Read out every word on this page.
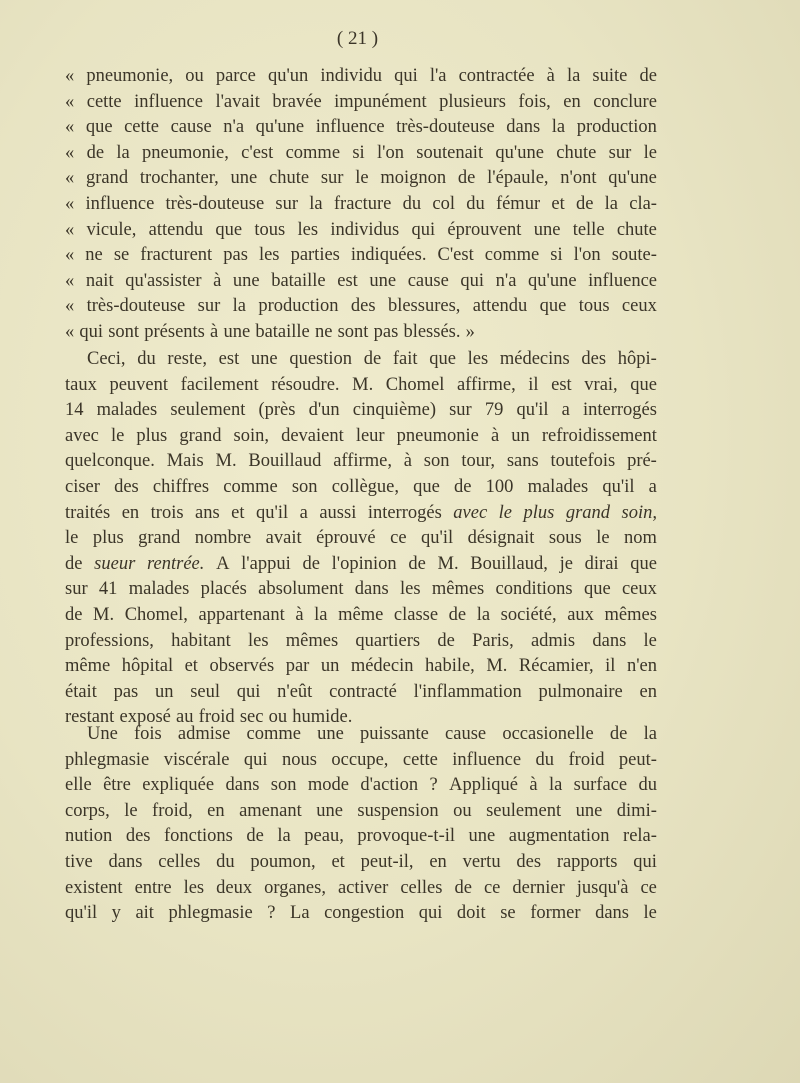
( 21 )
« pneumonie, ou parce qu'un individu qui l'a contractée à la suite de
« cette influence l'avait bravée impunément plusieurs fois, en conclure
« que cette cause n'a qu'une influence très-douteuse dans la production
« de la pneumonie, c'est comme si l'on soutenait qu'une chute sur le
« grand trochanter, une chute sur le moignon de l'épaule, n'ont qu'une
« influence très-douteuse sur la fracture du col du fémur et de la cla-
« vicule, attendu que tous les individus qui éprouvent une telle chute
« ne se fracturent pas les parties indiquées. C'est comme si l'on soute-
« nait qu'assister à une bataille est une cause qui n'a qu'une influence
« très-douteuse sur la production des blessures, attendu que tous ceux
« qui sont présents à une bataille ne sont pas blessés. »
Ceci, du reste, est une question de fait que les médecins des hôpi-
taux peuvent facilement résoudre. M. Chomel affirme, il est vrai, que
14 malades seulement (près d'un cinquième) sur 79 qu'il a interrogés
avec le plus grand soin, devaient leur pneumonie à un refroidissement
quelconque. Mais M. Bouillaud affirme, à son tour, sans toutefois pré-
ciser des chiffres comme son collègue, que de 100 malades qu'il a
traités en trois ans et qu'il a aussi interrogés avec le plus grand soin,
le plus grand nombre avait éprouvé ce qu'il désignait sous le nom
de sueur rentrée. A l'appui de l'opinion de M. Bouillaud, je dirai que
sur 41 malades placés absolument dans les mêmes conditions que ceux
de M. Chomel, appartenant à la même classe de la société, aux mêmes
professions, habitant les mêmes quartiers de Paris, admis dans le
même hôpital et observés par un médecin habile, M. Récamier, il n'en
était pas un seul qui n'eût contracté l'inflammation pulmonaire en
restant exposé au froid sec ou humide.
Une fois admise comme une puissante cause occasionelle de la
phlegmasie viscérale qui nous occupe, cette influence du froid peut-
elle être expliquée dans son mode d'action ? Appliqué à la surface du
corps, le froid, en amenant une suspension ou seulement une dimi-
nution des fonctions de la peau, provoque-t-il une augmentation rela-
tive dans celles du poumon, et peut-il, en vertu des rapports qui
existent entre les deux organes, activer celles de ce dernier jusqu'à ce
qu'il y ait phlegmasie ? La congestion qui doit se former dans le
